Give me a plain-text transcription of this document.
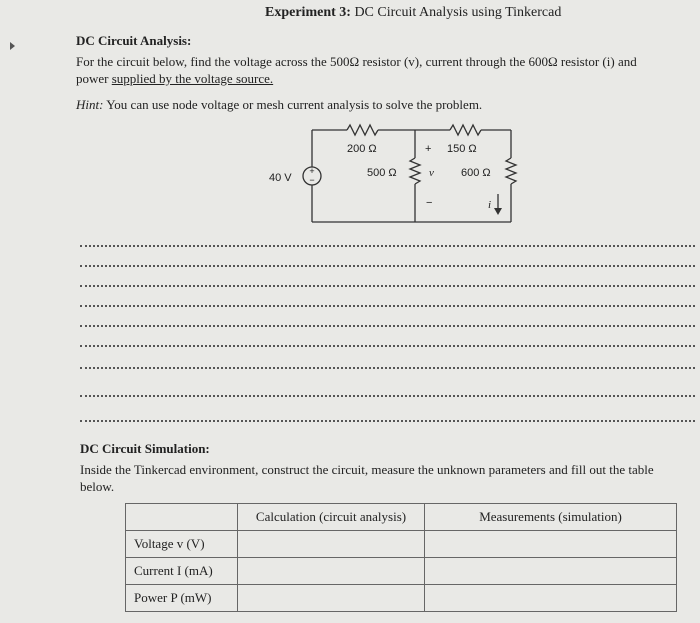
Experiment 3: DC Circuit Analysis using Tinkercad
DC Circuit Analysis:
For the circuit below, find the voltage across the 500Ω resistor (v), current through the 600Ω resistor (i) and
power supplied by the voltage source.
Hint: You can use node voltage or mesh current analysis to solve the problem.
+
−
40 V
200 Ω	150 Ω
500 Ω	600 Ω
+
v
−	i
DC Circuit Simulation:
Inside the Tinkercad environment, construct the circuit, measure the unknown parameters and fill out the table
below.
	Calculation (circuit analysis)	Measurements (simulation)
Voltage v (V)		
Current I (mA)		
Power P (mW)		
